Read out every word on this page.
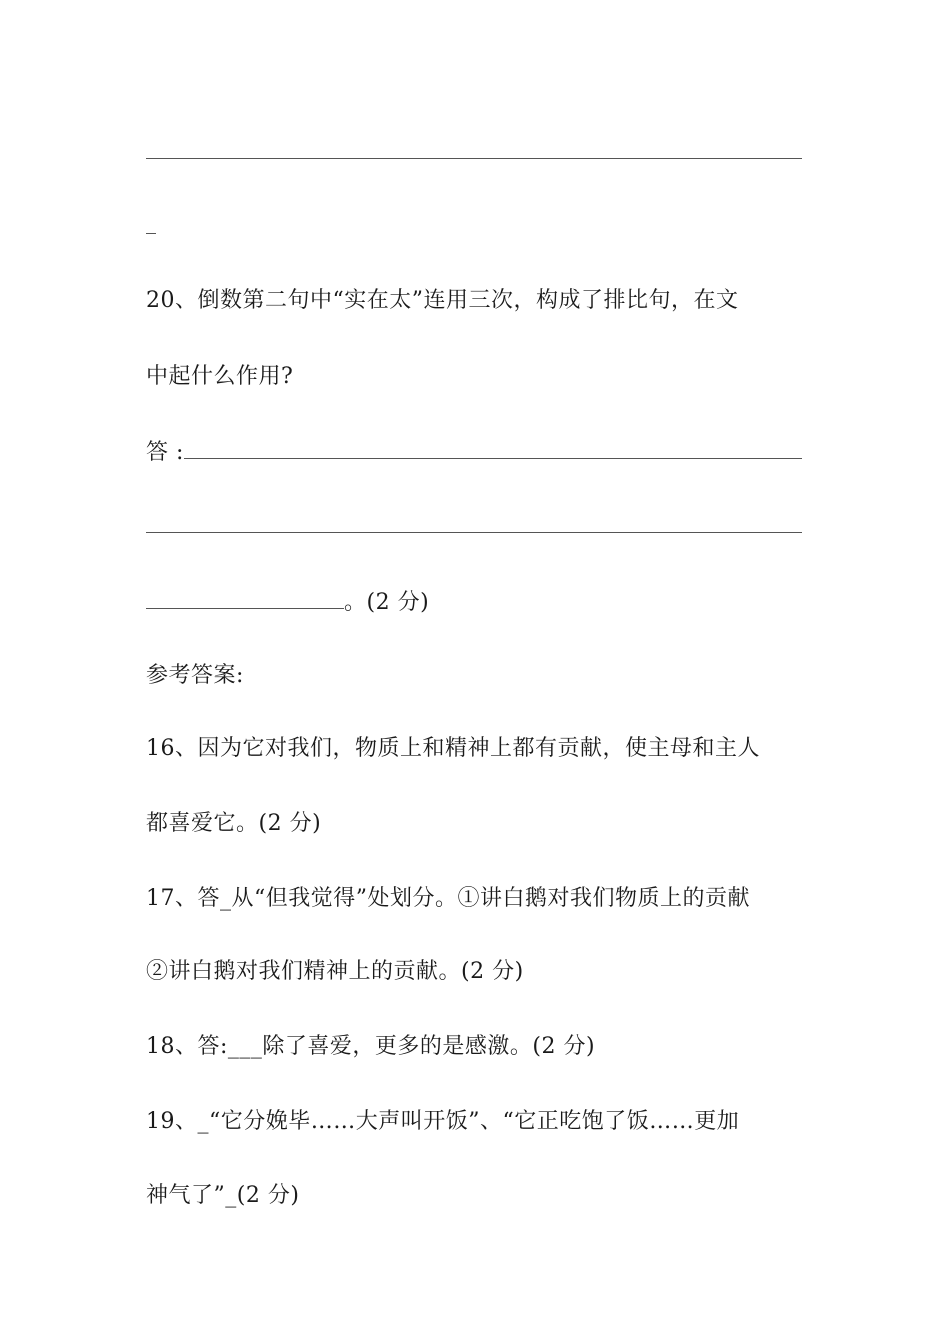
20、倒数第二句中“实在太”连用三次，构成了排比句，在文
中起什么作用?
答 :
。(2 分)
参考答案:
16、因为它对我们，物质上和精神上都有贡献，使主母和主人
都喜爱它。(2 分)
17、答_从“但我觉得”处划分。①讲白鹅对我们物质上的贡献
②讲白鹅对我们精神上的贡献。(2 分)
18、答:___除了喜爱，更多的是感激。(2 分)
19、_“它分娩毕……大声叫开饭”、“它正吃饱了饭……更加
神气了”_(2 分)
